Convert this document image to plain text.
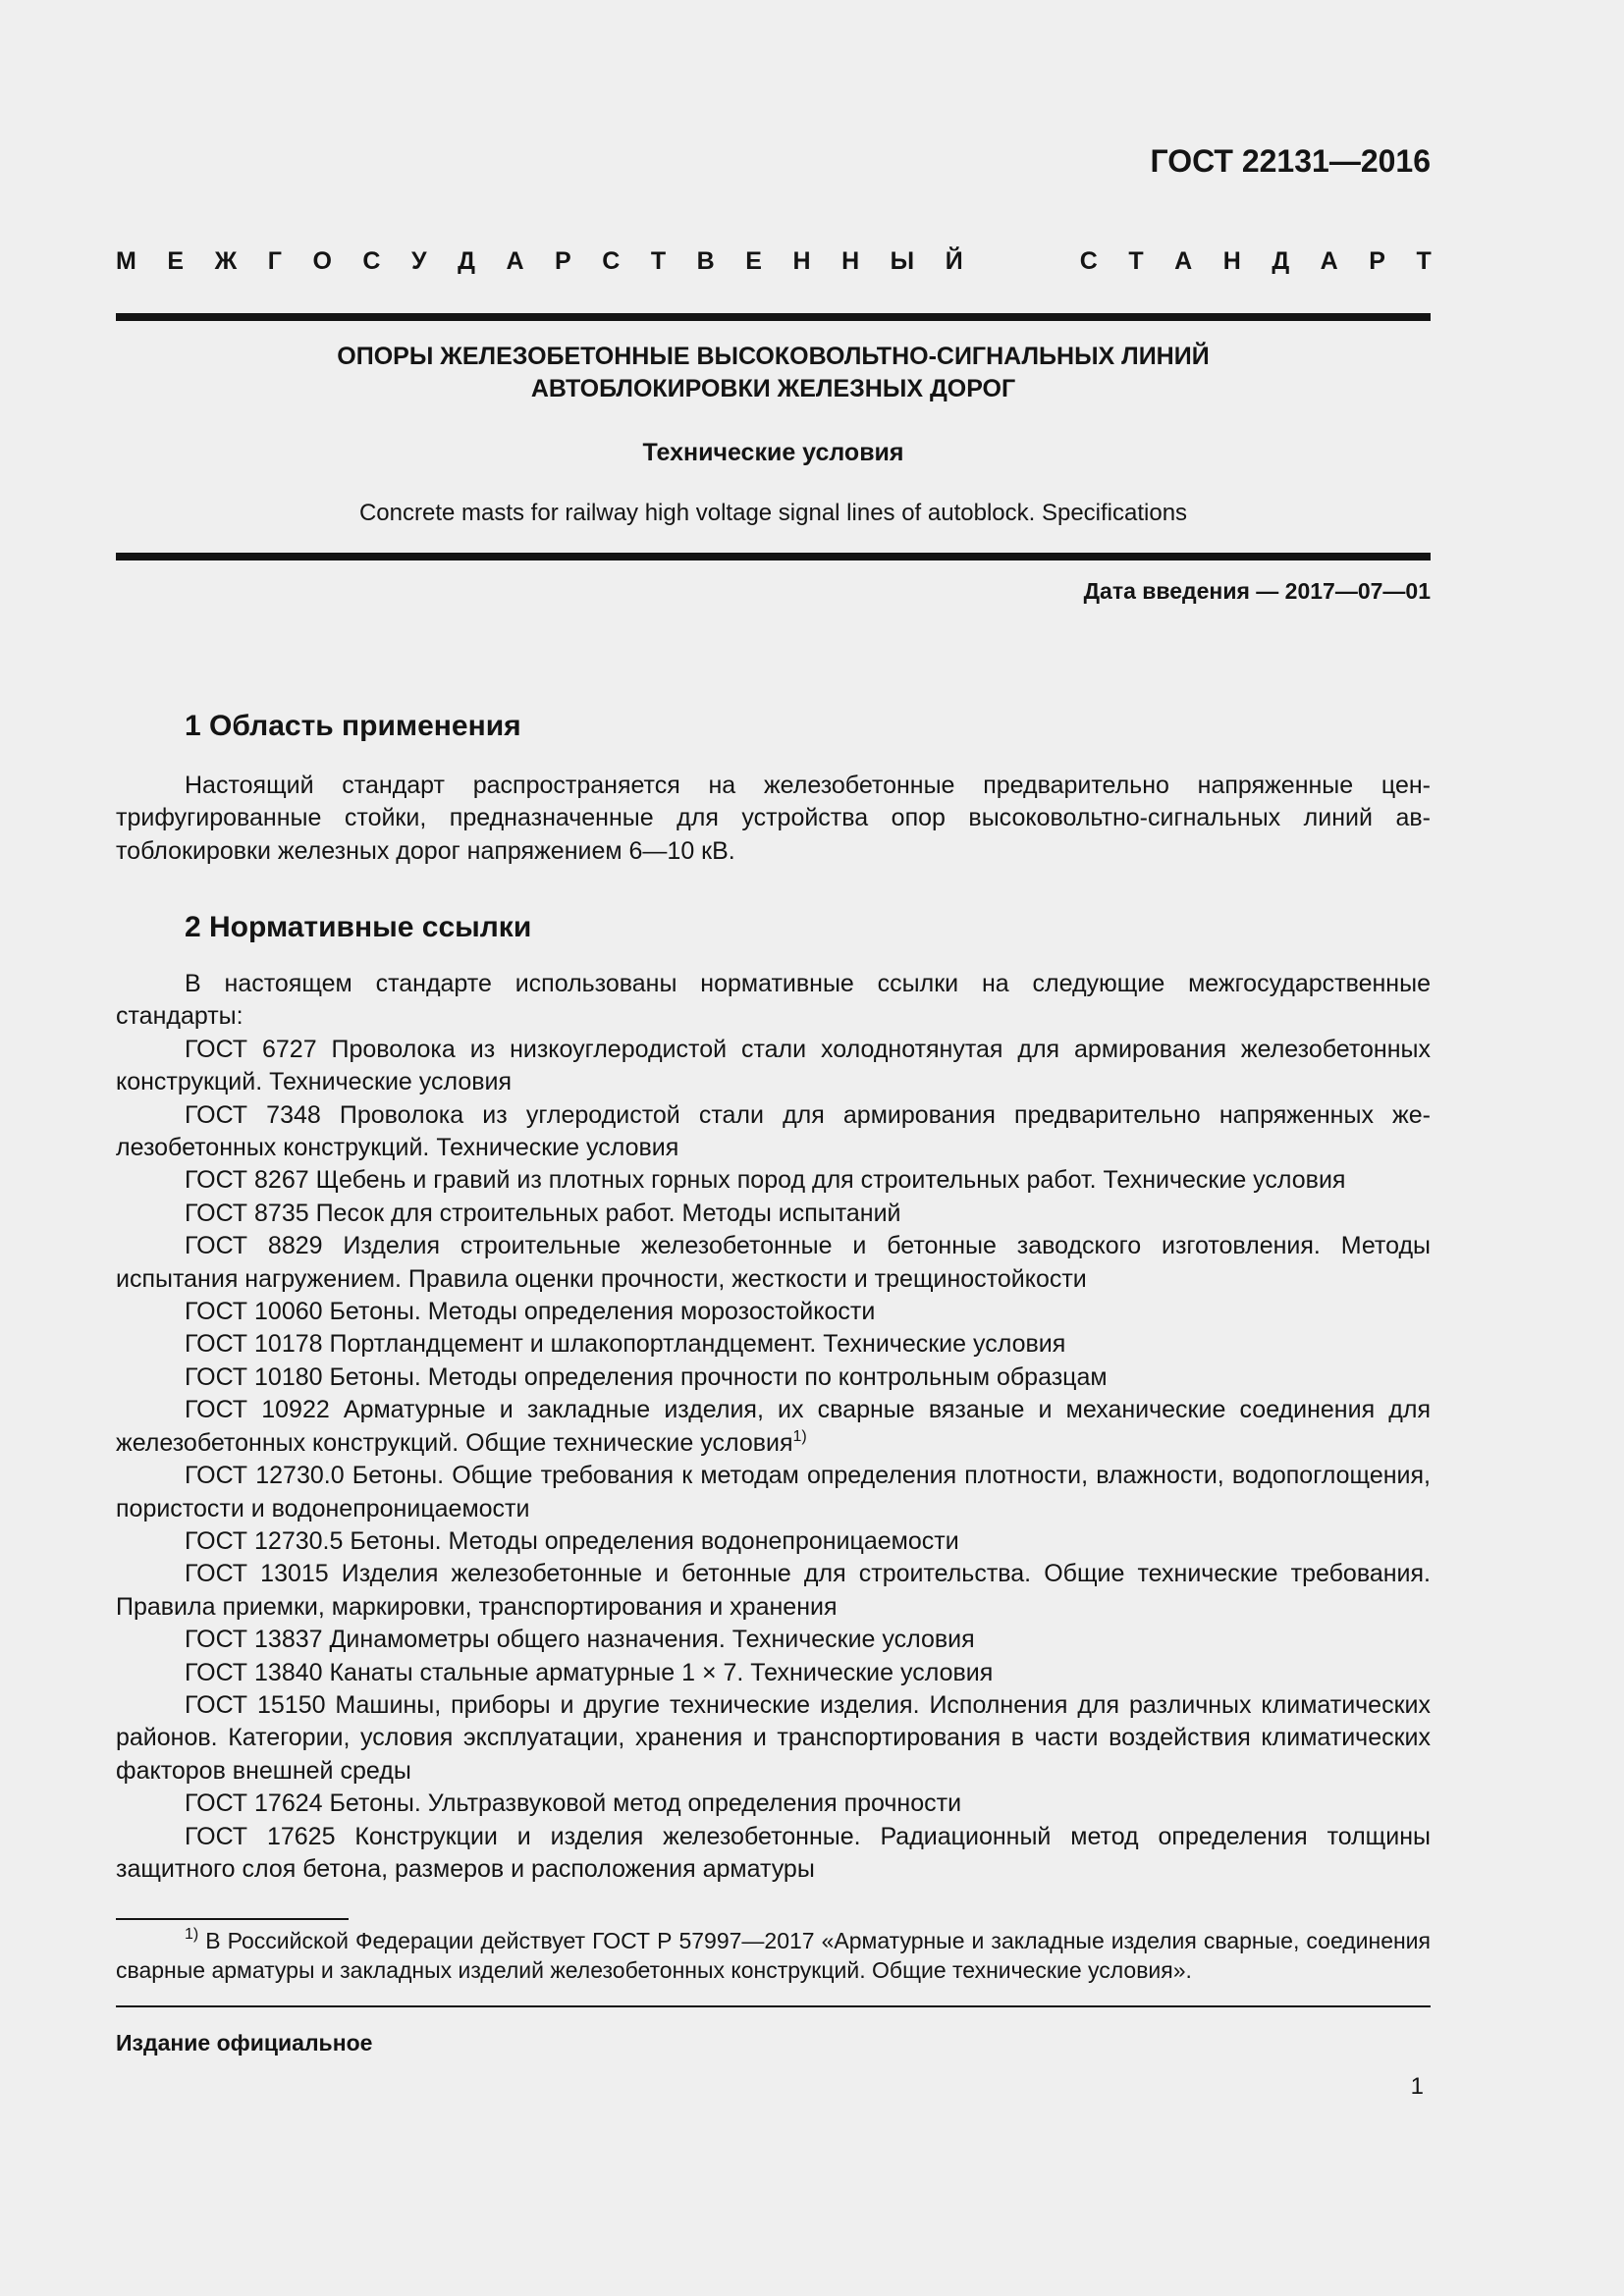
ГОСТ 22131—2016
М Е Ж Г О С У Д А Р С Т В Е Н Н Ы Й	С Т А Н Д А Р Т
ОПОРЫ ЖЕЛЕЗОБЕТОННЫЕ ВЫСОКОВОЛЬТНО-СИГНАЛЬНЫХ ЛИНИЙ
АВТОБЛОКИРОВКИ ЖЕЛЕЗНЫХ ДОРОГ
Технические условия
Concrete masts for railway high voltage signal lines of autoblock. Specifications
Дата введения — 2017—07—01
1 Область применения

Настоящий стандарт распространяется на железобетонные предварительно напряженные центрифугированные стойки, предназначенные для устройства опор высоковольтно-сигнальных линий автоблокировки железных дорог напряжением 6—10 кВ.

2 Нормативные ссылки

В настоящем стандарте использованы нормативные ссылки на следующие межгосударственные стандарты:

ГОСТ 6727 Проволока из низкоуглеродистой стали холоднотянутая для армирования железобетонных конструкций. Технические условия

ГОСТ 7348 Проволока из углеродистой стали для армирования предварительно напряженных железобетонных конструкций. Технические условия

ГОСТ 8267 Щебень и гравий из плотных горных пород для строительных работ. Технические условия

ГОСТ 8735 Песок для строительных работ. Методы испытаний

ГОСТ 8829 Изделия строительные железобетонные и бетонные заводского изготовления. Методы испытания нагружением. Правила оценки прочности, жесткости и трещиностойкости

ГОСТ 10060 Бетоны. Методы определения морозостойкости

ГОСТ 10178 Портландцемент и шлакопортландцемент. Технические условия

ГОСТ 10180 Бетоны. Методы определения прочности по контрольным образцам

ГОСТ 10922 Арматурные и закладные изделия, их сварные вязаные и механические соединения для железобетонных конструкций. Общие технические условия$^{1)}$

ГОСТ 12730.0 Бетоны. Общие требования к методам определения плотности, влажности, водопоглощения, пористости и водонепроницаемости

ГОСТ 12730.5 Бетоны. Методы определения водонепроницаемости

ГОСТ 13015 Изделия железобетонные и бетонные для строительства. Общие технические требования. Правила приемки, маркировки, транспортирования и хранения

ГОСТ 13837 Динамометры общего назначения. Технические условия

ГОСТ 13840 Канаты стальные арматурные 1 × 7. Технические условия

ГОСТ 15150 Машины, приборы и другие технические изделия. Исполнения для различных климатических районов. Категории, условия эксплуатации, хранения и транспортирования в части воздействия климатических факторов внешней среды

ГОСТ 17624 Бетоны. Ультразвуковой метод определения прочности

ГОСТ 17625 Конструкции и изделия железобетонные. Радиационный метод определения толщины защитного слоя бетона, размеров и расположения арматуры

$^{1)}$ В Российской Федерации действует ГОСТ Р 57997—2017 «Арматурные и закладные изделия сварные, соединения сварные арматуры и закладных изделий железобетонных конструкций. Общие технические условия».

Издание официальное
1
